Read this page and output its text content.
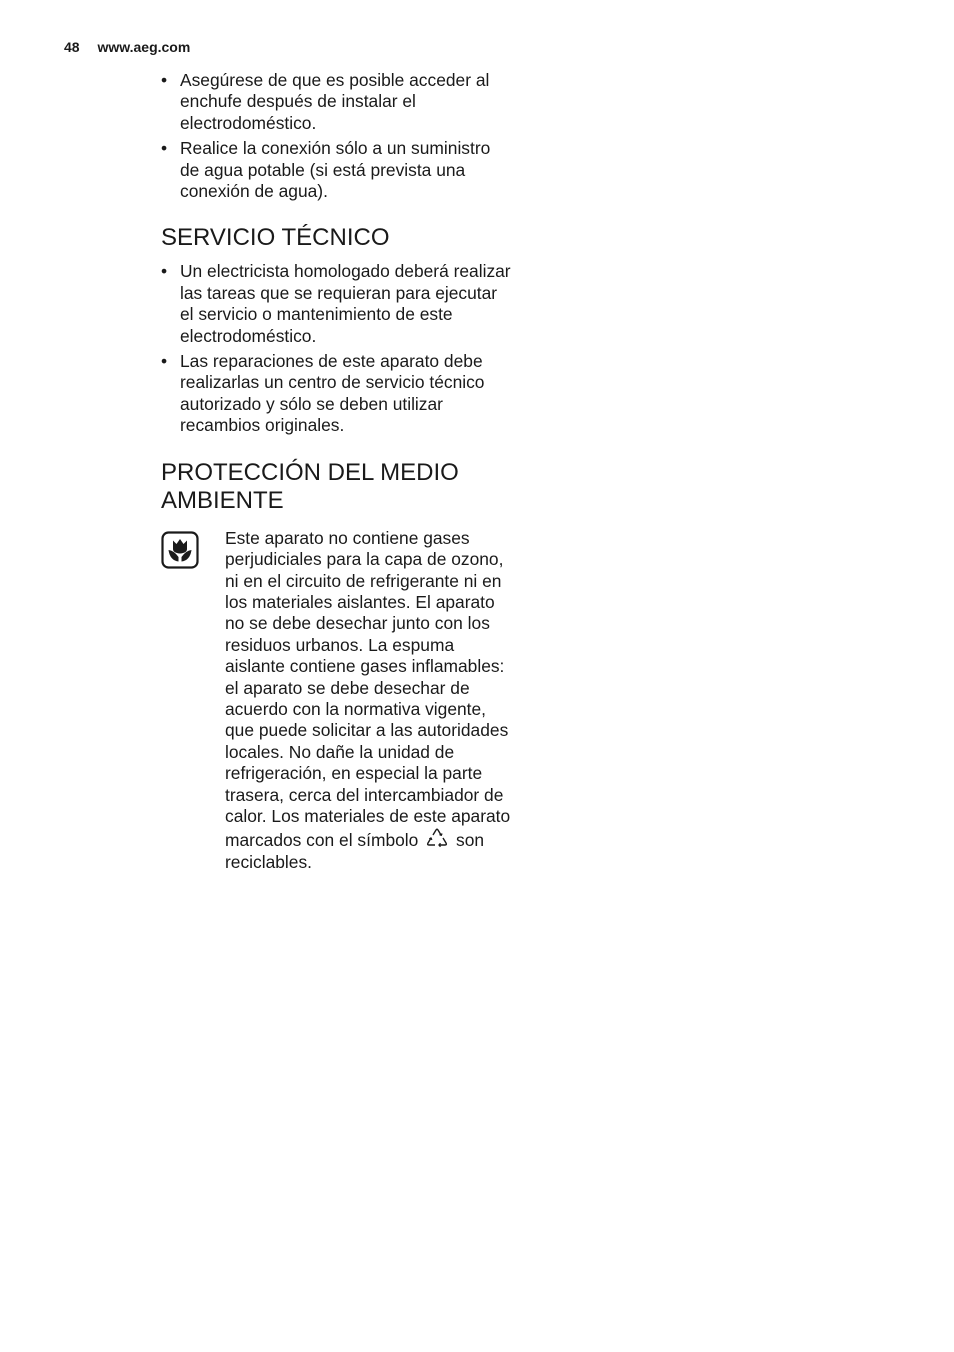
48 www.aeg.com
• Asegúrese de que es posible acceder al enchufe después de instalar el electrodoméstico.
• Realice la conexión sólo a un suministro de agua potable (si está prevista una conexión de agua).
SERVICIO TÉCNICO
• Un electricista homologado deberá realizar las tareas que se requieran para ejecutar el servicio o mantenimiento de este electrodoméstico.
• Las reparaciones de este aparato debe realizarlas un centro de servicio técnico autorizado y sólo se deben utilizar recambios originales.
PROTECCIÓN DEL MEDIO AMBIENTE
Este aparato no contiene gases perjudiciales para la capa de ozono, ni en el circuito de refrigerante ni en los materiales aislantes. El aparato no se debe desechar junto con los residuos urbanos. La espuma aislante contiene gases inflamables: el aparato se debe desechar de acuerdo con la normativa vigente, que puede solicitar a las autoridades locales. No dañe la unidad de refrigeración, en especial la parte trasera, cerca del intercambiador de calor. Los materiales de este aparato marcados con el símbolo son reciclables.
